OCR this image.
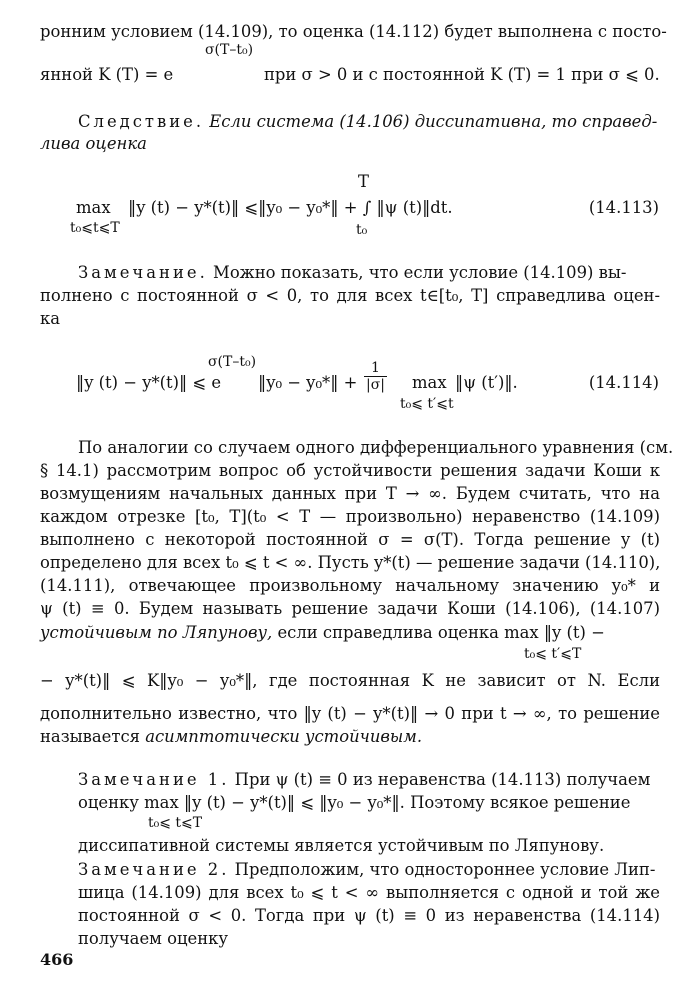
ронним условием (14.109), то оценка (14.112) будет выполнена с посто-
σ(T–t₀)
янной K (T) = e	при σ > 0 и с постоянной K (T) = 1 при σ ⩽ 0.
Следствие. Если система (14.106) диссипативна, то справед-
лива оценка
T
max ‖y (t) − y*(t)‖ ⩽‖y₀ − y₀*‖ + ∫ ‖ψ (t)‖dt.
t₀⩽t⩽T	t₀
(14.113)
Замечание. Можно показать, что если условие (14.109) вы-
полнено с постоянной σ < 0, то для всех t∈[t₀, T] справедлива оцен-
ка
σ(T–t₀)
‖y (t) − y*(t)‖ ⩽ e ‖y₀ − y₀*‖ + $\frac{1}{|\sigma|}$ max ‖ψ (t′)‖.
t₀⩽ t′⩽t
(14.114)
По аналогии со случаем одного дифференциального уравнения (см.
§ 14.1) рассмотрим вопрос об устойчивости решения задачи Коши к
возмущениям начальных данных при T → ∞. Будем считать, что на
каждом отрезке [t₀, T](t₀ < T — произвольно) неравенство (14.109)
выполнено с некоторой постоянной σ = σ(T). Тогда решение y (t)
определено для всех t₀ ⩽ t < ∞. Пусть y*(t) — решение задачи (14.110),
(14.111), отвечающее произвольному начальному значению y₀* и
ψ (t) ≡ 0. Будем называть решение задачи Коши (14.106), (14.107)
устойчивым по Ляпунову, если справедлива оценка max ‖y (t) −
t₀⩽ t′⩽T
− y*(t)‖ ⩽ K‖y₀ − y₀*‖, где постоянная K не зависит от N. Если
дополнительно известно, что ‖y (t) − y*(t)‖ → 0 при t → ∞, то решение
называется асимптотически устойчивым.
Замечание 1. При ψ (t) ≡ 0 из неравенства (14.113) получаем
оценку max ‖y (t) − y*(t)‖ ⩽ ‖y₀ − y₀*‖. Поэтому всякое решение
t₀⩽ t⩽T
диссипативной системы является устойчивым по Ляпунову.
Замечание 2. Предположим, что одностороннее условие Лип-
шица (14.109) для всех t₀ ⩽ t < ∞ выполняется с одной и той же
постоянной σ < 0. Тогда при ψ (t) ≡ 0 из неравенства (14.114)
получаем оценку
466
